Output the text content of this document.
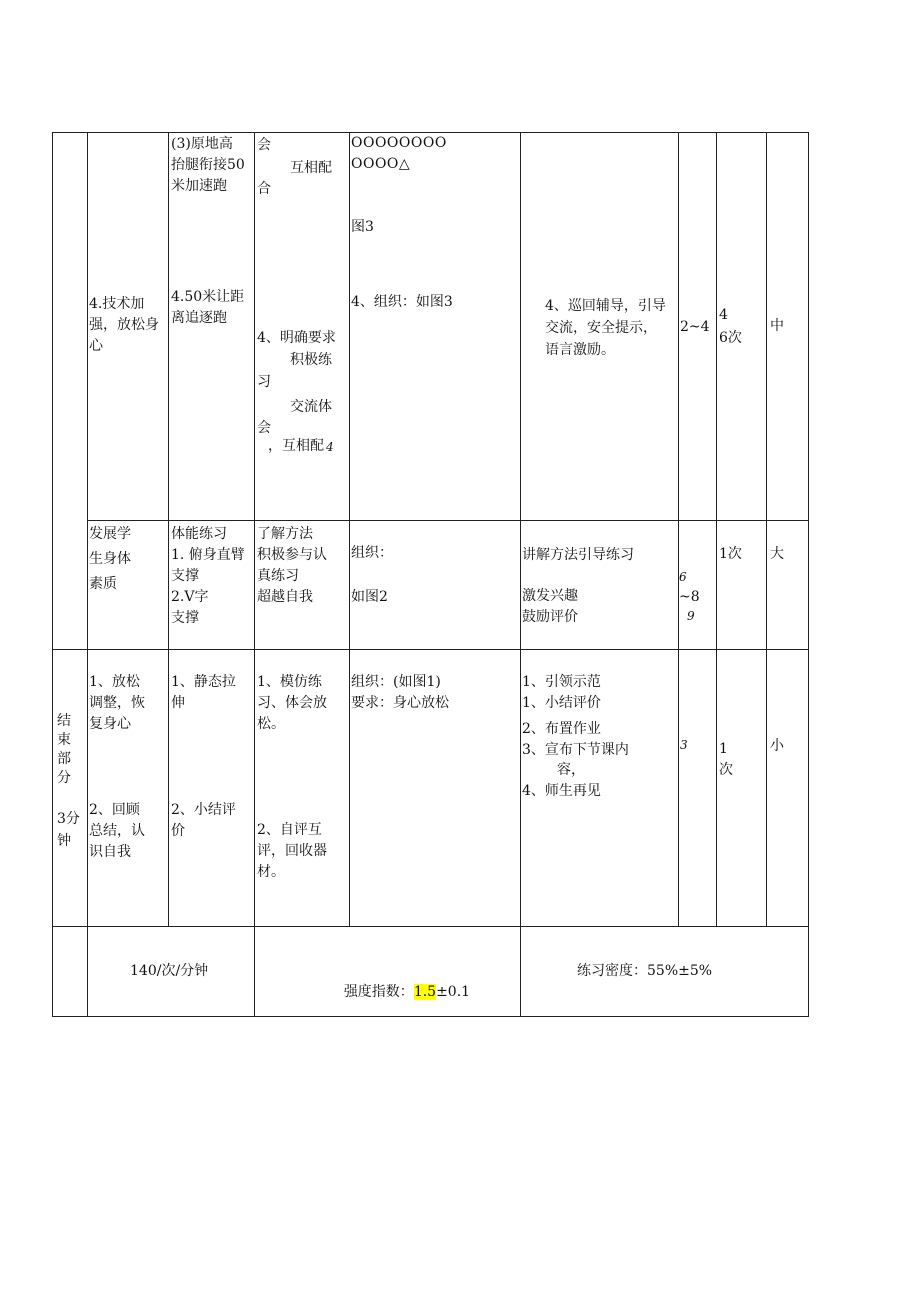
4.技术加
强，放松身
心
(3)原地高
抬腿衔接50
米加速跑
4.50米让距
离追逐跑
会
互相配
合
4、明确要求
积极练
习
交流体
会
，互相配 4
OOOOOOOO
OOOO△
图3
4、组织：如图3	4、巡回辅导，引导
交流，安全提示，
语言激励。
2~4
4
6次
中
发展学
生身体
素质
体能练习
1. 俯身直臂
支撑
2.V字
支撑
了解方法
积极参与认
真练习
超越自我
组织：
如图2
讲解方法引导练习
激发兴趣
鼓励评价
6
~8
9
1次 大
结
束
部
分
3分
钟
1、放松
调整，恢
复身心
2、回顾
总结，认
识自我
1、静态拉
伸
2、小结评
价
1、模仿练
习、体会放
松。
2、自评互
评，回收器
材。
组织：(如图1)
要求：身心放松
1、引领示范
1、小结评价
2、布置作业
3、宣布下节课内
容，
4、师生再见
3 1
次
小
140/次/分钟

强度指数：1.5±0.1

练习密度：55%±5%
